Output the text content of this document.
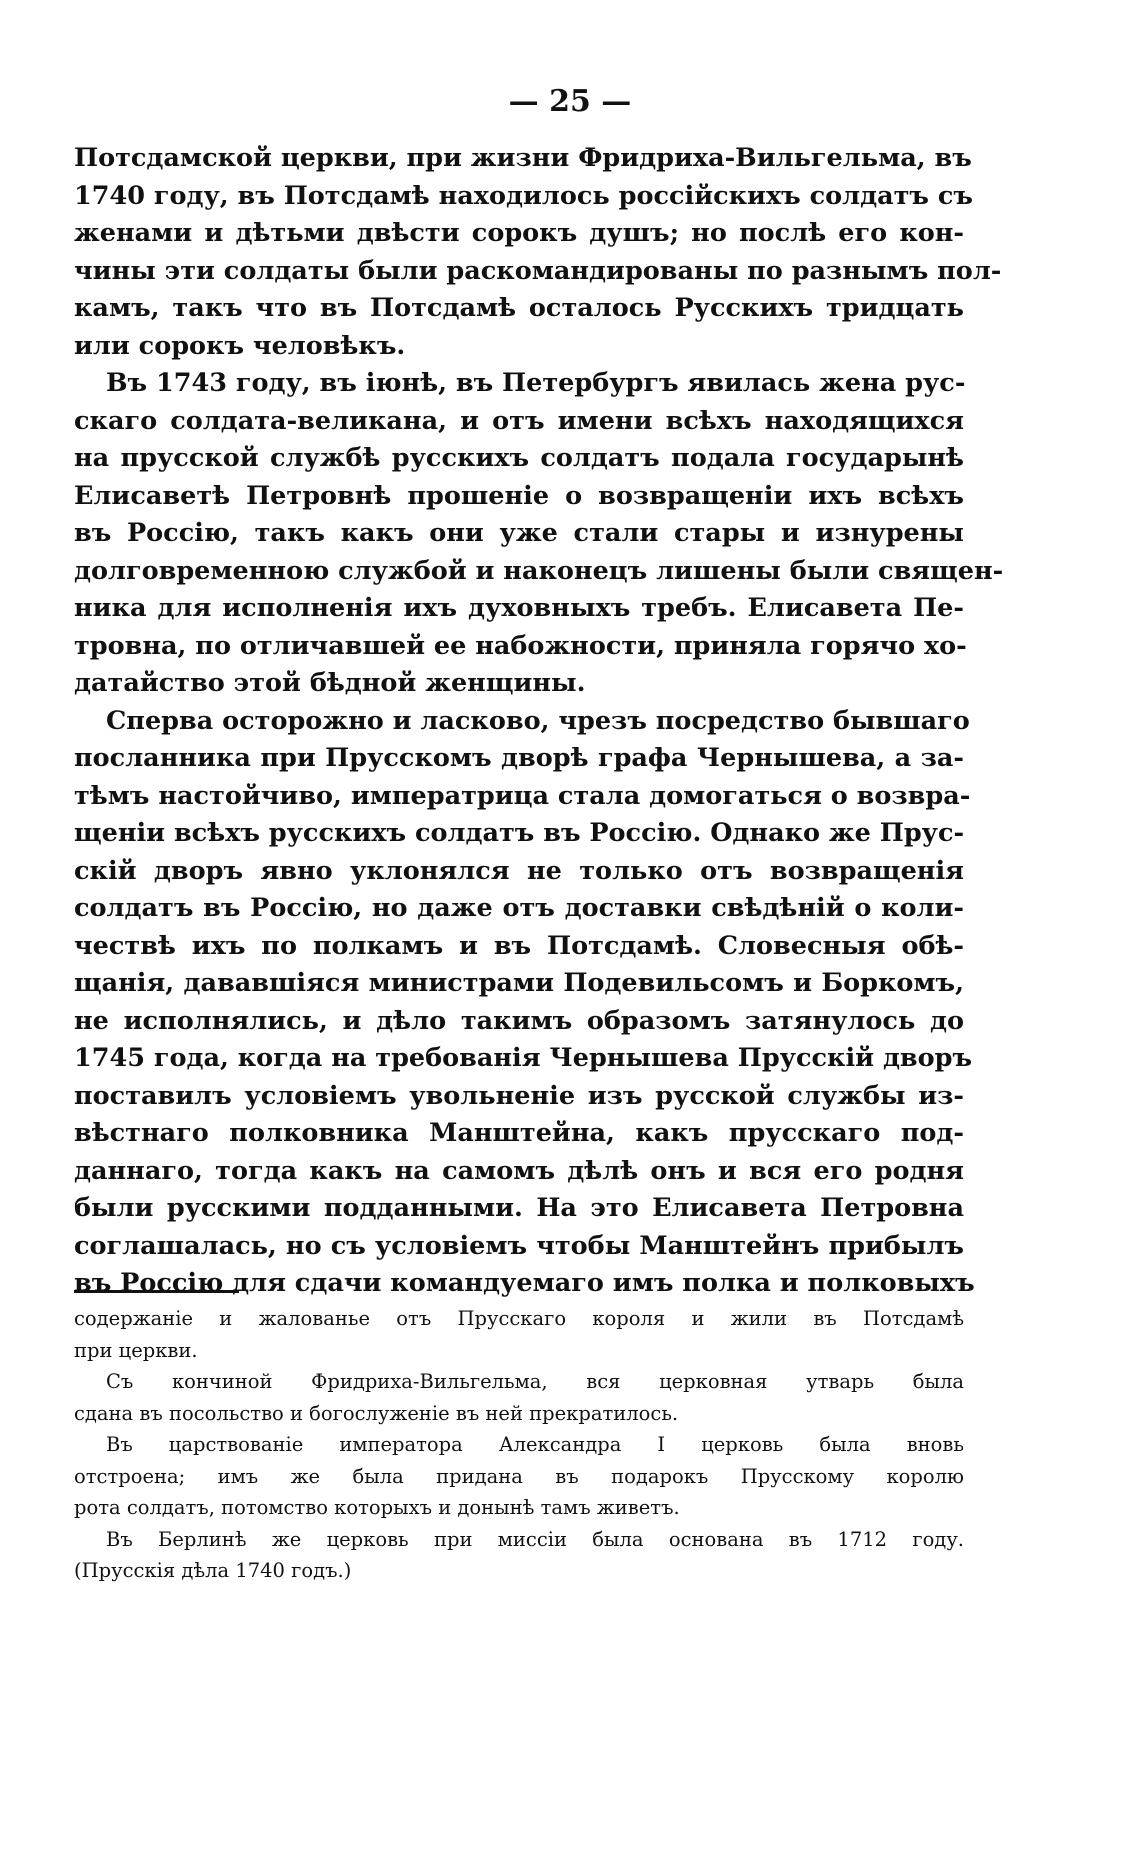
— 25 —
Потсдамской церкви, при жизни Фридриха-Вильгельма, въ
1740 году, въ Потсдамѣ находилось россійскихъ солдатъ съ
женами и дѣтьми двѣсти сорокъ душъ; но послѣ его кон-
чины эти солдаты были раскомандированы по разнымъ пол-
камъ, такъ что въ Потсдамѣ осталось Русскихъ тридцать
или сорокъ человѣкъ.
Въ 1743 году, въ іюнѣ, въ Петербургъ явилась жена рус-
скаго солдата-великана, и отъ имени всѣхъ находящихся
на прусской службѣ русскихъ солдатъ подала государынѣ
Елисаветѣ Петровнѣ прошеніе о возвращеніи ихъ всѣхъ
въ Россію, такъ какъ они уже стали стары и изнурены
долговременною службой и наконецъ лишены были священ-
ника для исполненія ихъ духовныхъ требъ. Елисавета Пе-
тровна, по отличавшей ее набожности, приняла горячо хо-
датайство этой бѣдной женщины.
Сперва осторожно и ласково, чрезъ посредство бывшаго
посланника при Прусскомъ дворѣ графа Чернышева, а за-
тѣмъ настойчиво, императрица стала домогаться о возвра-
щеніи всѣхъ русскихъ солдатъ въ Россію. Однако же Прус-
скій дворъ явно уклонялся не только отъ возвращенія
солдатъ въ Россію, но даже отъ доставки свѣдѣній о коли-
чествѣ ихъ по полкамъ и въ Потсдамѣ. Словесныя обѣ-
щанія, дававшіяся министрами Подевильсомъ и Боркомъ,
не исполнялись, и дѣло такимъ образомъ затянулось до
1745 года, когда на требованія Чернышева Прусскій дворъ
поставилъ условіемъ увольненіе изъ русской службы из-
вѣстнаго полковника Манштейна, какъ прусскаго под-
даннаго, тогда какъ на самомъ дѣлѣ онъ и вся его родня
были русскими подданными. На это Елисавета Петровна
соглашалась, но съ условіемъ чтобы Манштейнъ прибылъ
въ Россію для сдачи командуемаго имъ полка и полковыхъ
содержаніе и жалованье отъ Прусскаго короля и жили въ Потсдамѣ
при церкви.
Съ кончиной Фридриха-Вильгельма, вся церковная утварь была
сдана въ посольство и богослуженіе въ ней прекратилось.
Въ царствованіе императора Александра I церковь была вновь
отстроена; имъ же была придана въ подарокъ Прусскому королю
рота солдатъ, потомство которыхъ и донынѣ тамъ живетъ.
Въ Берлинѣ же церковь при миссіи была основана въ 1712 году.
(Прусскія дѣла 1740 годъ.)
